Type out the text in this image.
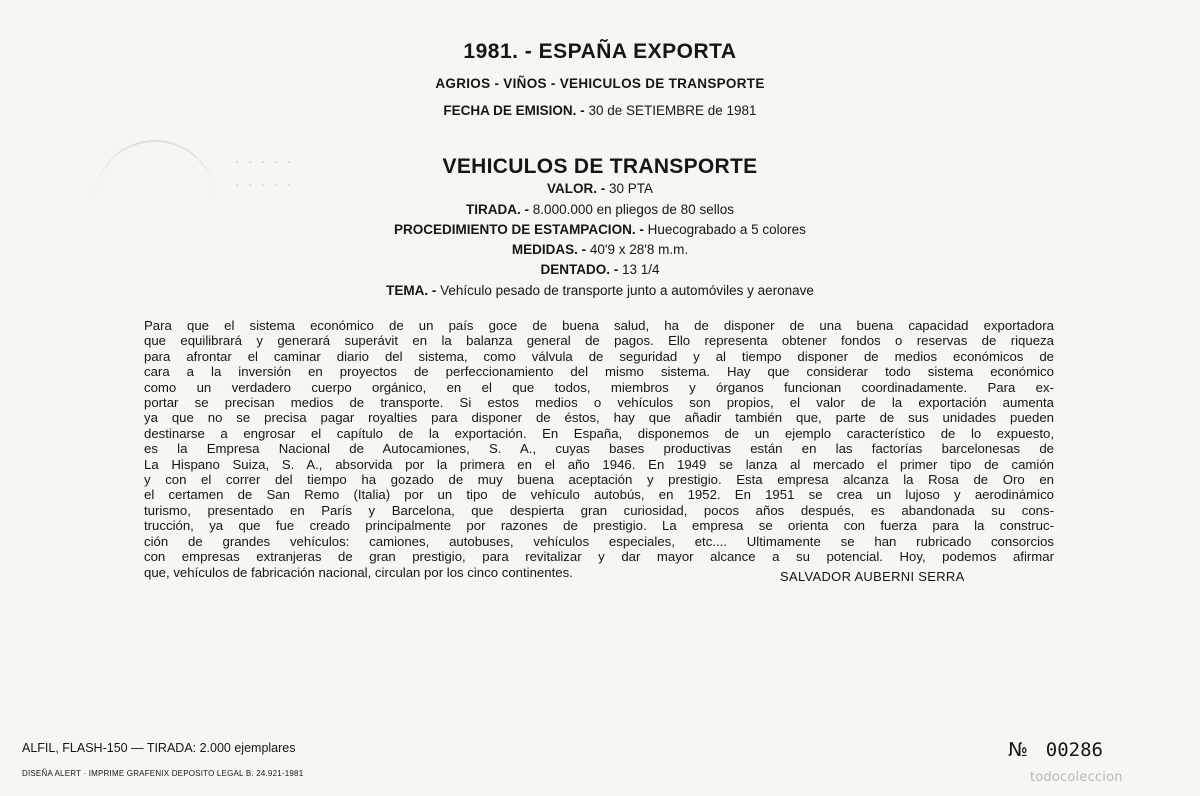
· · · · ·
· · · · ·
1981. - ESPAÑA EXPORTA
AGRIOS - VIÑOS - VEHICULOS DE TRANSPORTE
FECHA DE EMISION. - 30 de SETIEMBRE de 1981
VEHICULOS DE TRANSPORTE
VALOR. - 30 PTA
TIRADA. - 8.000.000 en pliegos de 80 sellos
PROCEDIMIENTO DE ESTAMPACION. - Huecograbado a 5 colores
MEDIDAS. - 40'9 x 28'8 m.m.
DENTADO. - 13 1/4
TEMA. - Vehículo pesado de transporte junto a automóviles y aeronave
Para que el sistema económico de un país goce de buena salud, ha de disponer de una buena capacidad exportadora
que equilibrará y generará superávit en la balanza general de pagos. Ello representa obtener fondos o reservas de riqueza
para afrontar el caminar diario del sistema, como válvula de seguridad y al tiempo disponer de medios económicos de
cara a la inversión en proyectos de perfeccionamiento del mismo sistema. Hay que considerar todo sistema económico
como un verdadero cuerpo orgánico, en el que todos, miembros y órganos funcionan coordinadamente. Para ex-
portar se precisan medios de transporte. Si estos medios o vehículos son propios, el valor de la exportación aumenta
ya que no se precisa pagar royalties para disponer de éstos, hay que añadir también que, parte de sus unidades pueden
destinarse a engrosar el capítulo de la exportación. En España, disponemos de un ejemplo característico de lo expuesto,
es la Empresa Nacional de Autocamiones, S. A., cuyas bases productivas están en las factorías barcelonesas de
La Hispano Suiza, S. A., absorvida por la primera en el año 1946. En 1949 se lanza al mercado el primer tipo de camión
y con el correr del tiempo ha gozado de muy buena aceptación y prestigio. Esta empresa alcanza la Rosa de Oro en
el certamen de San Remo (Italia) por un tipo de vehículo autobús, en 1952. En 1951 se crea un lujoso y aerodinámico
turismo, presentado en París y Barcelona, que despierta gran curiosidad, pocos años después, es abandonada su cons-
trucción, ya que fue creado principalmente por razones de prestigio. La empresa se orienta con fuerza para la construc-
ción de grandes vehículos: camiones, autobuses, vehículos especiales, etc.... Ultimamente se han rubricado consorcios
con empresas extranjeras de gran prestigio, para revitalizar y dar mayor alcance a su potencial. Hoy, podemos afirmar
que, vehículos de fabricación nacional, circulan por los cinco continentes.	SALVADOR AUBERNI SERRA
ALFIL, FLASH-150 — TIRADA: 2.000 ejemplares
DISEÑA ALERT · IMPRIME GRAFENIX DEPOSITO LEGAL B. 24.921-1981
№ 00286
todocoleccion
